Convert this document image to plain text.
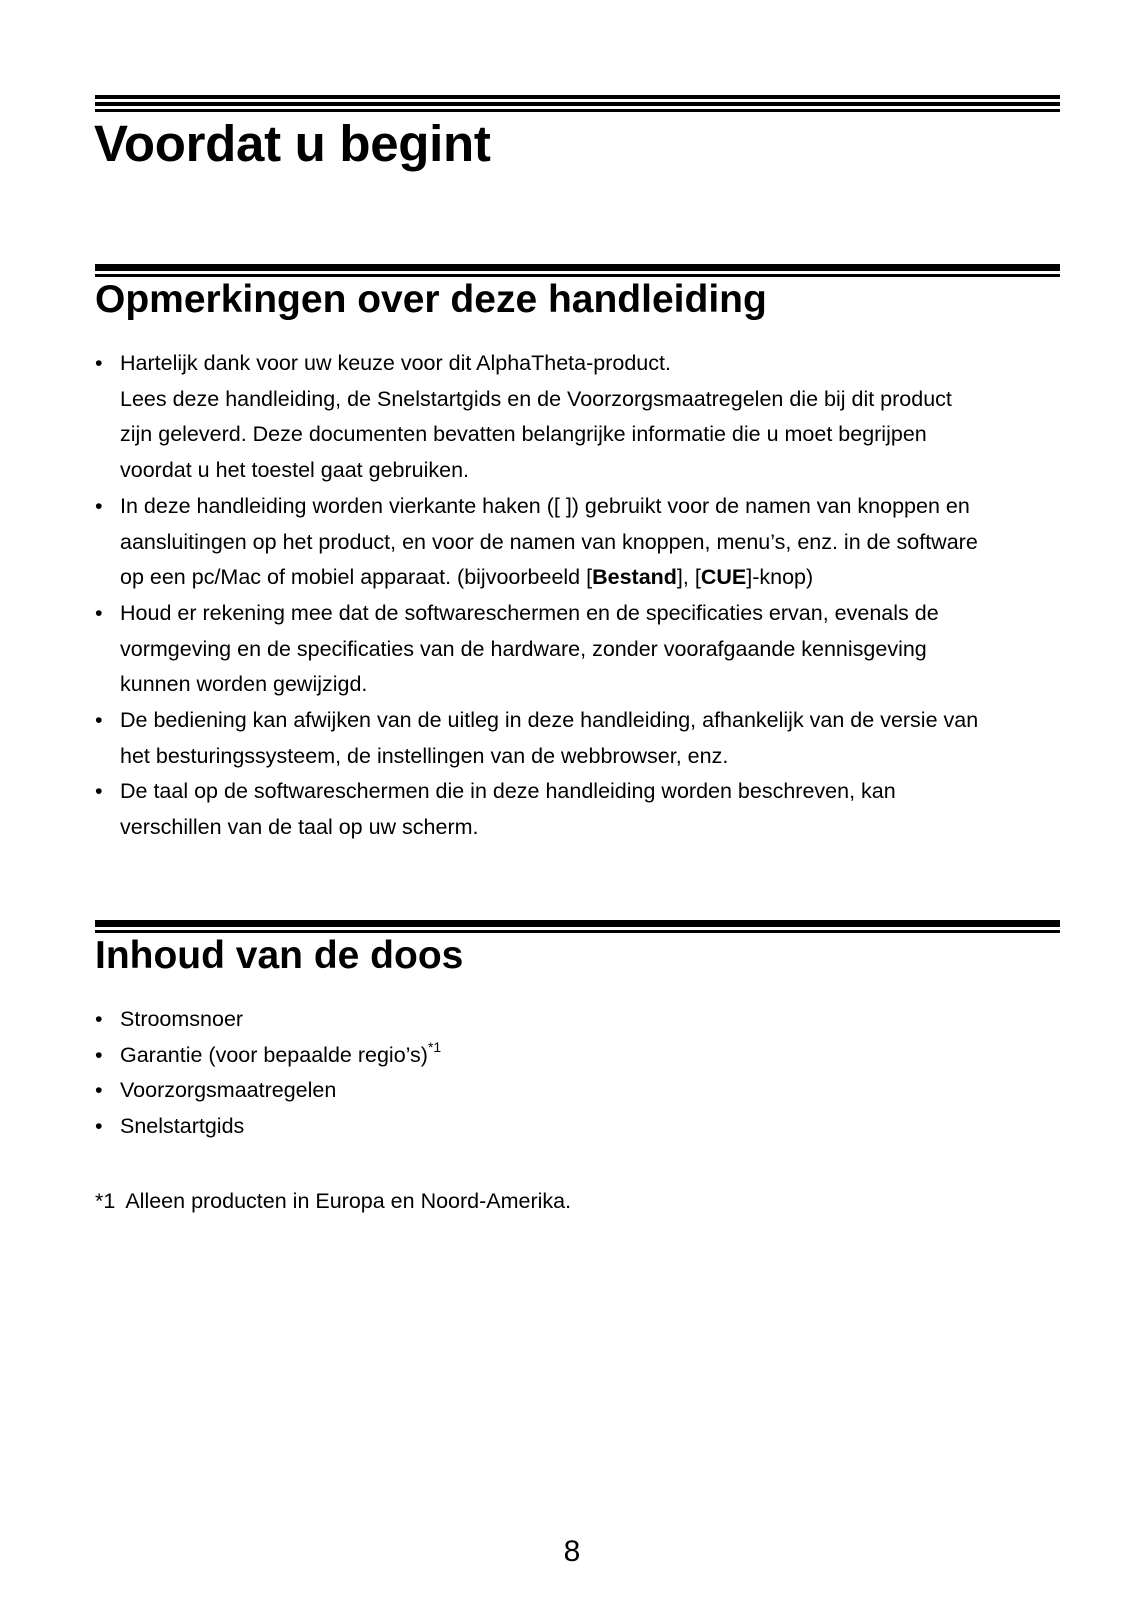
Voordat u begint
Opmerkingen over deze handleiding
• Hartelijk dank voor uw keuze voor dit AlphaTheta-product.
Lees deze handleiding, de Snelstartgids en de Voorzorgsmaatregelen die bij dit product
zijn geleverd. Deze documenten bevatten belangrijke informatie die u moet begrijpen
voordat u het toestel gaat gebruiken.
• In deze handleiding worden vierkante haken ([ ]) gebruikt voor de namen van knoppen en
aansluitingen op het product, en voor de namen van knoppen, menu’s, enz. in de software
op een pc/Mac of mobiel apparaat. (bijvoorbeeld [Bestand], [CUE]-knop)
• Houd er rekening mee dat de softwareschermen en de specificaties ervan, evenals de
vormgeving en de specificaties van de hardware, zonder voorafgaande kennisgeving
kunnen worden gewijzigd.
• De bediening kan afwijken van de uitleg in deze handleiding, afhankelijk van de versie van
het besturingssysteem, de instellingen van de webbrowser, enz.
• De taal op de softwareschermen die in deze handleiding worden beschreven, kan
verschillen van de taal op uw scherm.
Inhoud van de doos
• Stroomsnoer
• Garantie (voor bepaalde regio’s)$^{*1}$
• Voorzorgsmaatregelen
• Snelstartgids
*1 Alleen producten in Europa en Noord-Amerika.
8
